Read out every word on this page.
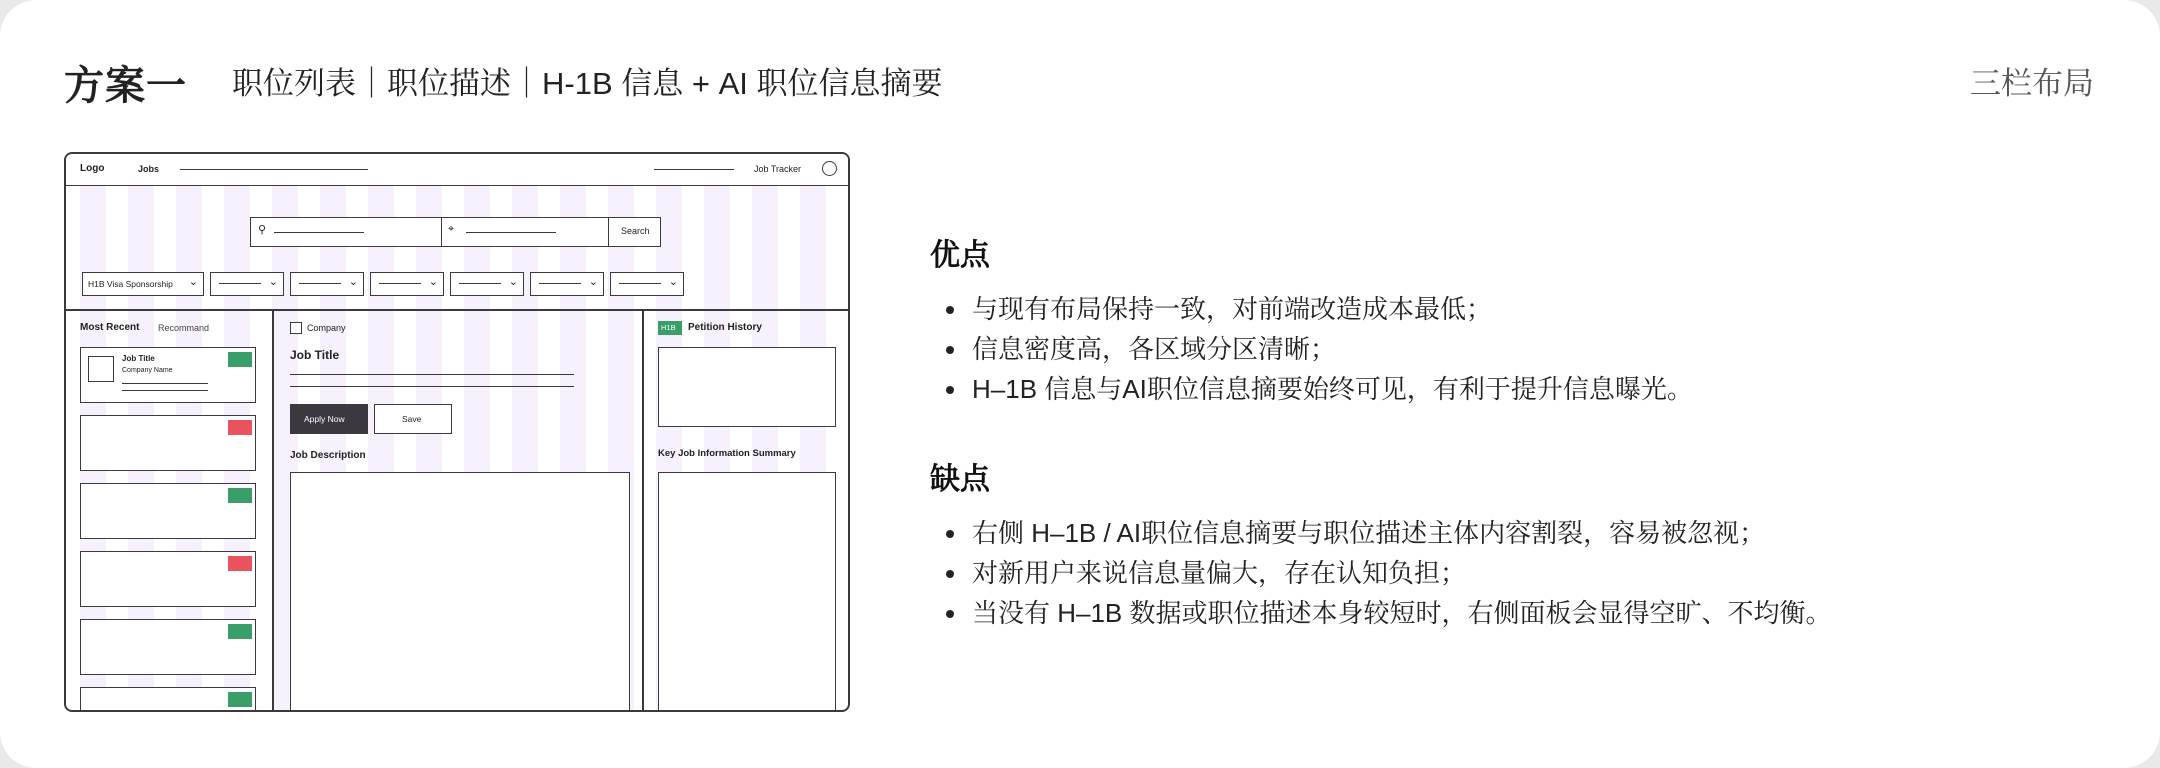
方案一 职位列表｜职位描述｜H-1B 信息 + AI 职位信息摘要	三栏布局
Logo	Jobs	Job Tracker
⚲	⌖	Search
H1B Visa Sponsorship ⌄	⌄	⌄	⌄	⌄	⌄	⌄
Most Recent Recommand
Job Title
Company Name
Company
Job Title
Apply Now	Save
Job Description
H1B Petition History
Key Job Information Summary
优点
与现有布局保持一致，对前端改造成本最低；
信息密度高，各区域分区清晰；
H–1B 信息与AI职位信息摘要始终可见，有利于提升信息曝光。
缺点
右侧 H–1B / AI职位信息摘要与职位描述主体内容割裂，容易被忽视；
对新用户来说信息量偏大，存在认知负担；
当没有 H–1B 数据或职位描述本身较短时，右侧面板会显得空旷、不均衡。
